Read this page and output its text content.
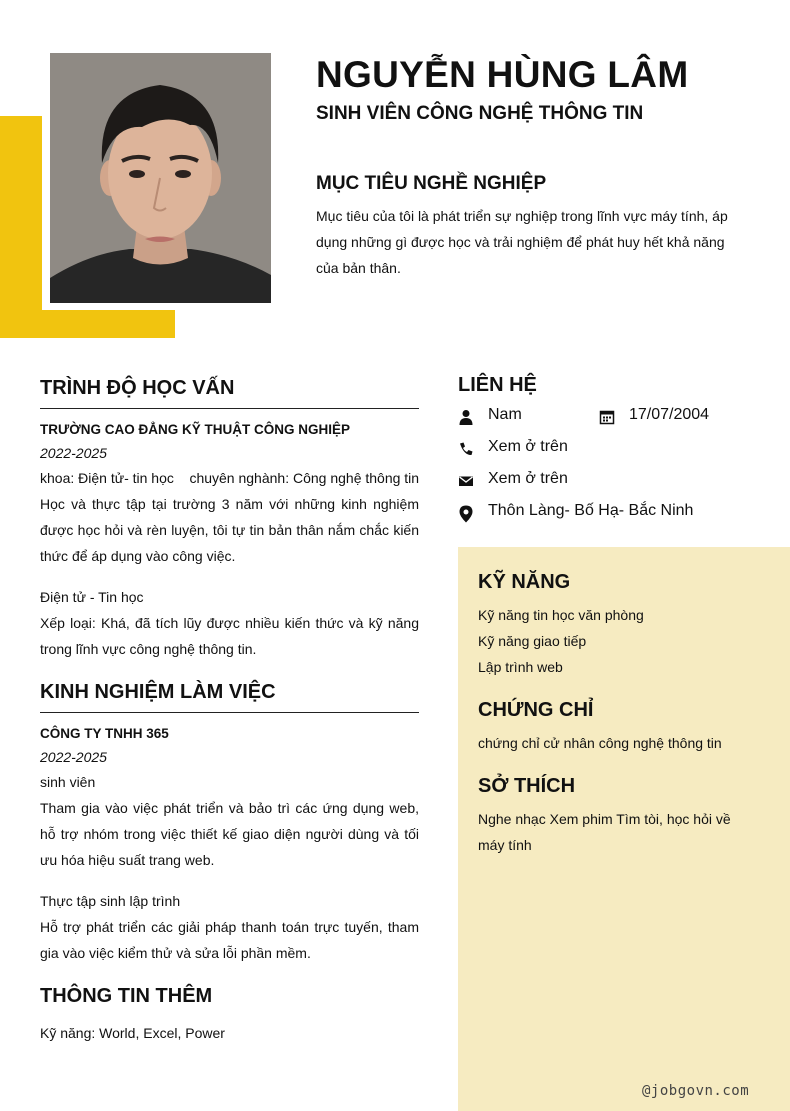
NGUYỄN HÙNG LÂM
SINH VIÊN CÔNG NGHỆ THÔNG TIN
MỤC TIÊU NGHỀ NGHIỆP
Mục tiêu của tôi là phát triển sự nghiệp trong lĩnh vực máy tính, áp dụng những gì được học và trải nghiệm để phát huy hết khả năng của bản thân.
TRÌNH ĐỘ HỌC VẤN
TRƯỜNG CAO ĐẲNG KỸ THUẬT CÔNG NGHIỆP
2022-2025
khoa: Điện tử- tin học    chuyên nghành: Công nghệ thông tin
Học và thực tập tại trường 3 năm với những kinh nghiệm được học hỏi và rèn luyện, tôi tự tin bản thân nắm chắc kiến thức để áp dụng vào công việc.
Điện tử - Tin học
Xếp loại: Khá, đã tích lũy được nhiều kiến thức và kỹ năng trong lĩnh vực công nghệ thông tin.
KINH NGHIỆM LÀM VIỆC
CÔNG TY TNHH 365
2022-2025
sinh viên
Tham gia vào việc phát triển và bảo trì các ứng dụng web, hỗ trợ nhóm trong việc thiết kế giao diện người dùng và tối ưu hóa hiệu suất trang web.
Thực tập sinh lập trình
Hỗ trợ phát triển các giải pháp thanh toán trực tuyến, tham gia vào việc kiểm thử và sửa lỗi phần mềm.
THÔNG TIN THÊM
Kỹ năng: World, Excel, Power
LIÊN HỆ
Nam	17/07/2004
Xem ở trên
Xem ở trên
Thôn Làng- Bố Hạ- Bắc Ninh
KỸ NĂNG
Kỹ năng tin học văn phòng
Kỹ năng giao tiếp
Lập trình web
CHỨNG CHỈ
chứng chỉ cử nhân công nghệ thông tin
SỞ THÍCH
Nghe nhạc Xem phim Tìm tòi, học hỏi về máy tính
@jobgovn.com
